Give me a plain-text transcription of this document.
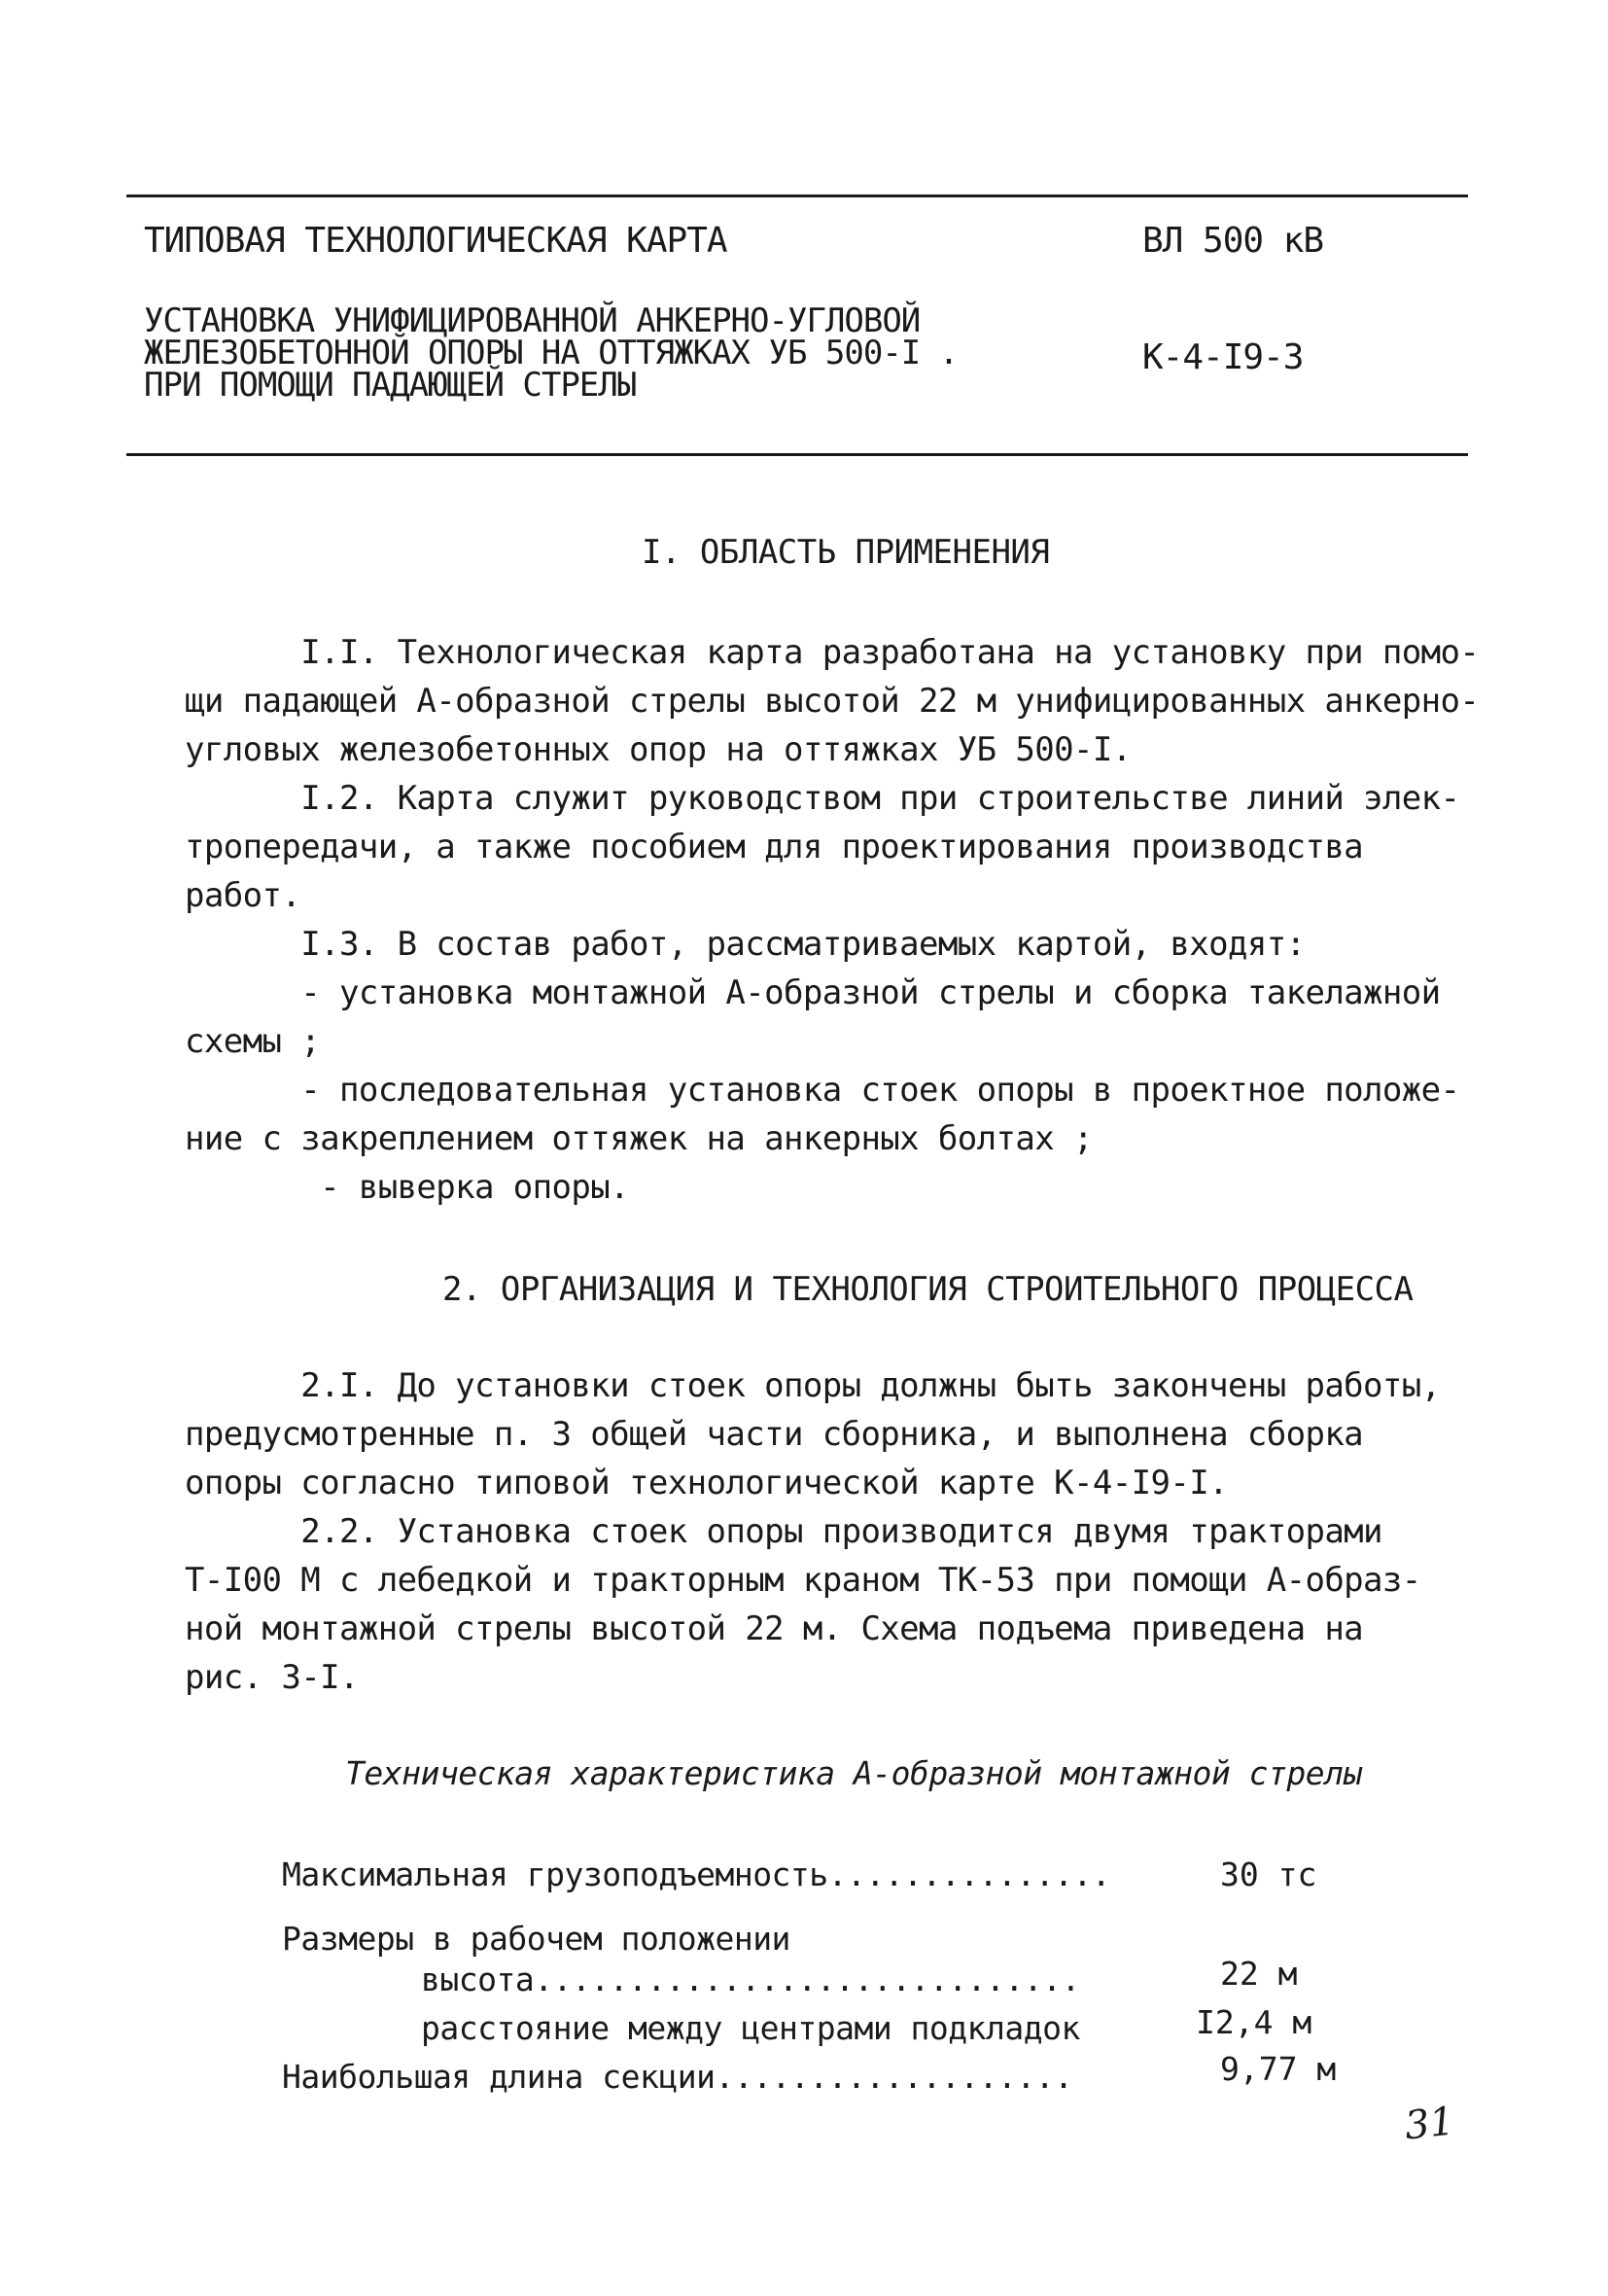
ТИПОВАЯ ТЕХНОЛОГИЧЕСКАЯ КАРТА	ВЛ 500 кВ
УСТАНОВКА УНИФИЦИРОВАННОЙ АНКЕРНО-УГЛОВОЙ
ЖЕЛЕЗОБЕТОННОЙ ОПОРЫ НА ОТТЯЖКАХ УБ 500-I .
ПРИ ПОМОЩИ ПАДАЮЩЕЙ СТРЕЛЫ
К-4-I9-3
I. ОБЛАСТЬ ПРИМЕНЕНИЯ
I.I. Технологическая карта разработана на установку при помо-
щи падающей А-образной стрелы высотой 22 м унифицированных анкерно-
угловых железобетонных опор на оттяжках УБ 500-I.
I.2. Карта служит руководством при строительстве линий элек-
тропередачи, а также пособием для проектирования производства
работ.
I.3. В состав работ, рассматриваемых картой, входят:
- установка монтажной А-образной стрелы и сборка такелажной
схемы ;
- последовательная установка стоек опоры в проектное положе-
ние с закреплением оттяжек на анкерных болтах ;
- выверка опоры.
2. ОРГАНИЗАЦИЯ И ТЕХНОЛОГИЯ СТРОИТЕЛЬНОГО ПРОЦЕССА
2.I. До установки стоек опоры должны быть закончены работы,
предусмотренные п. 3 общей части сборника, и выполнена сборка
опоры согласно типовой технологической карте К-4-I9-I.
2.2. Установка стоек опоры производится двумя тракторами
Т-I00 М с лебедкой и тракторным краном ТК-53 при помощи А-образ-
ной монтажной стрелы высотой 22 м. Схема подъема приведена на
рис. 3-I.
Техническая характеристика А-образной монтажной стрелы
Максимальная грузоподъемность...............	30 тс
Размеры в рабочем положении
высота.............................	22 м
расстояние между центрами подкладок	I2,4 м
Наибольшая длина секции...................	9,77 м
31
